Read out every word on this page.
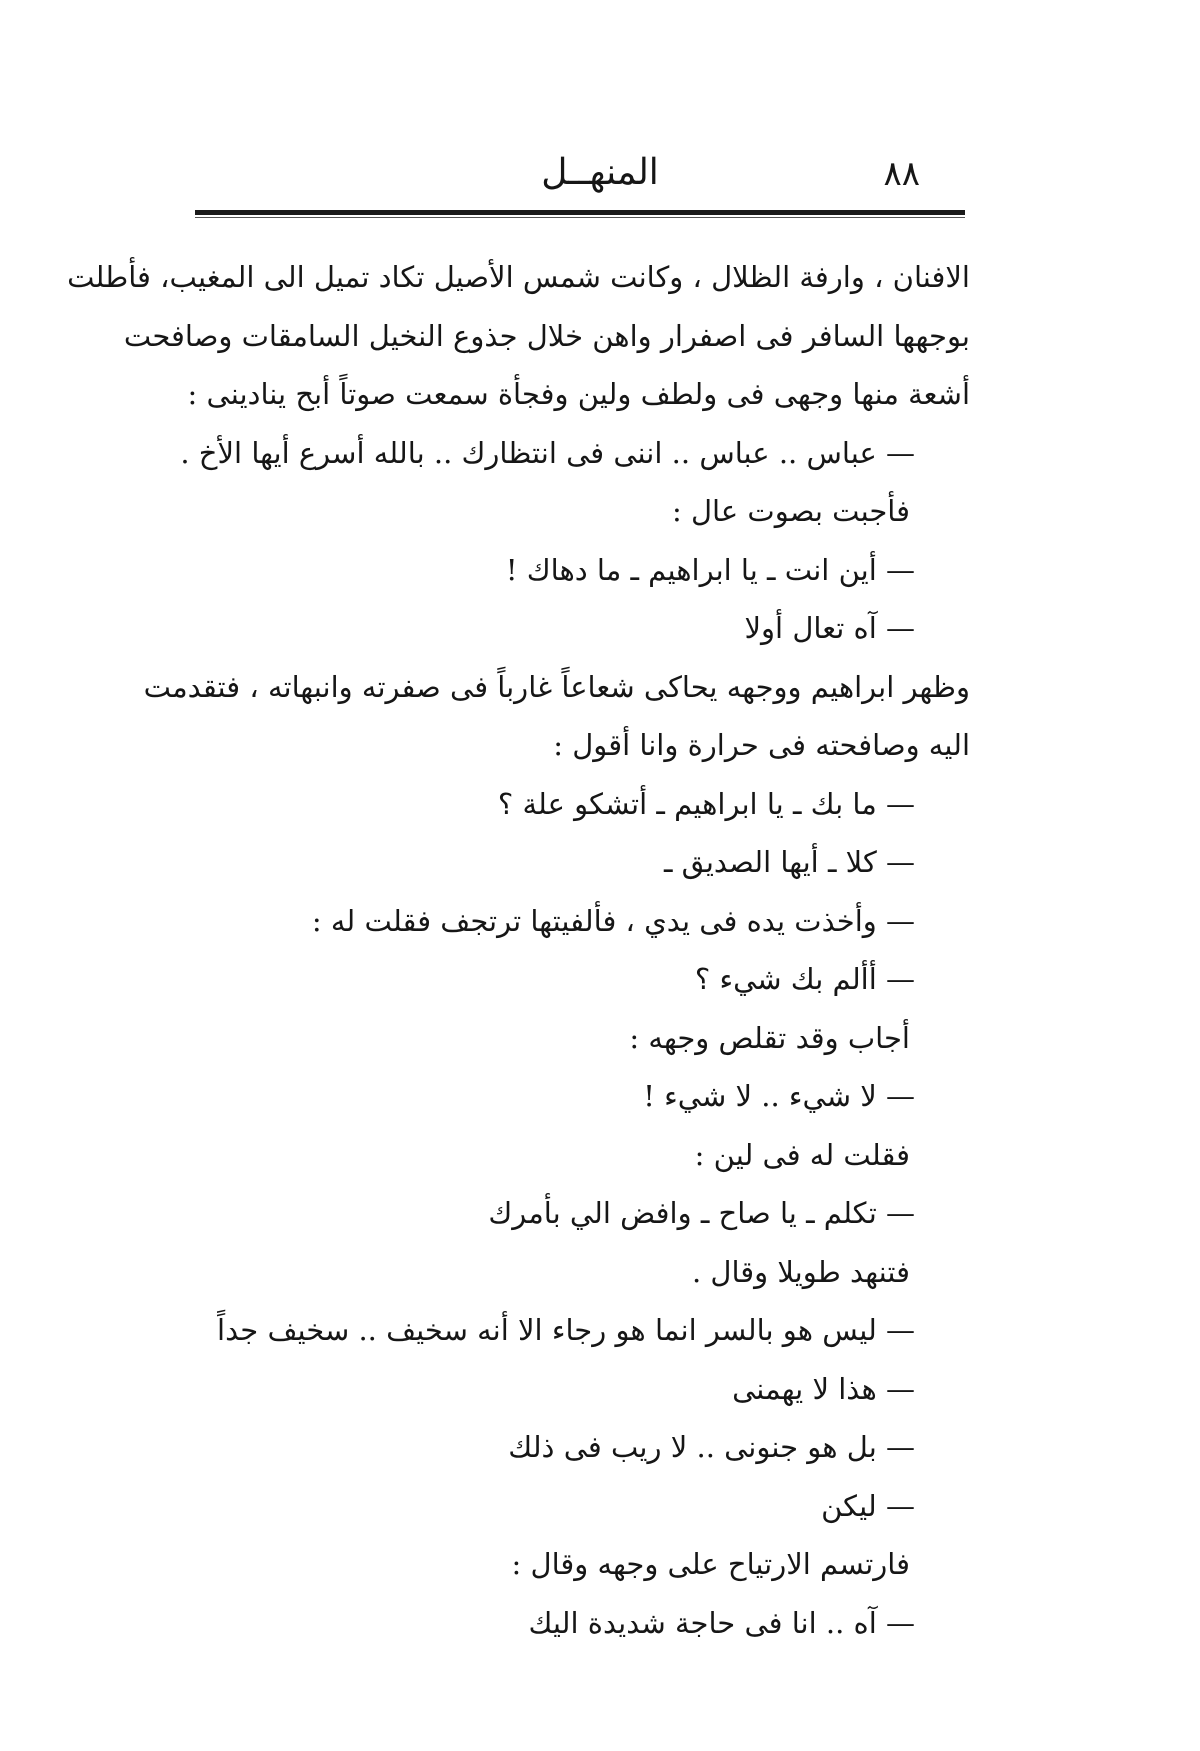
٨٨
المنهــل
الافنان ، وارفة الظلال ، وكانت شمس الأصيل تكاد تميل الى المغيب، فأطلت
بوجهها السافر فى اصفرار واهن خلال جذوع النخيل السامقات وصافحت
أشعة منها وجهى فى ولطف ولين وفجأة سمعت صوتاً أبح ينادينى :
— عباس .. عباس .. اننى فى انتظارك .. بالله أسرع أيها الأخ .
فأجبت بصوت عال :
— أين انت ـ يا ابراهيم ـ ما دهاك !
— آه تعال أولا
وظهر ابراهيم ووجهه يحاكى شعاعاً غارباً فى صفرته وانبهاته ، فتقدمت
اليه وصافحته فى حرارة وانا أقول :
— ما بك ـ يا ابراهيم ـ أتشكو علة ؟
— كلا ـ أيها الصديق ـ
— وأخذت يده فى يدي ، فألفيتها ترتجف فقلت له :
— أألم بك شيء ؟
أجاب وقد تقلص وجهه :
— لا شيء .. لا شيء !
فقلت له فى لين :
— تكلم ـ يا صاح ـ وافض الي بأمرك
فتنهد طويلا وقال .
— ليس هو بالسر انما هو رجاء الا أنه سخيف .. سخيف جداً
— هذا لا يهمنى
— بل هو جنونى .. لا ريب فى ذلك
— ليكن
فارتسم الارتياح على وجهه وقال :
— آه .. انا فى حاجة شديدة اليك
